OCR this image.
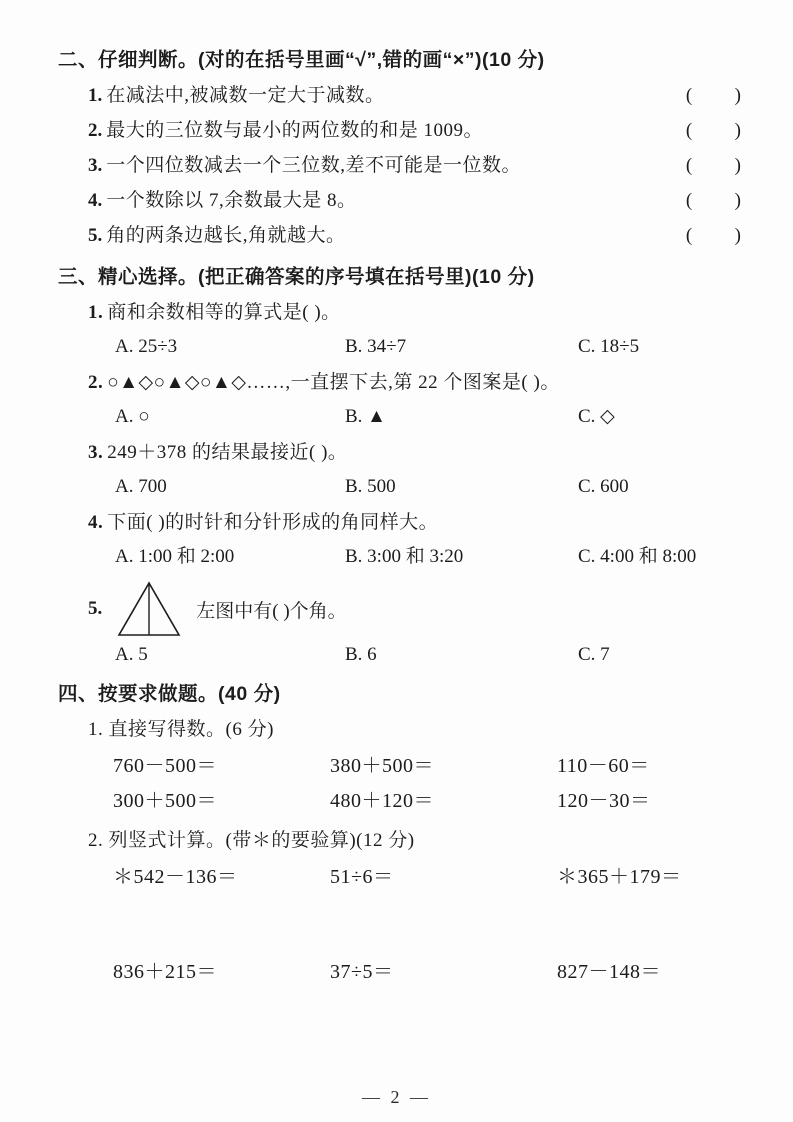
二、仔细判断。(对的在括号里画“√”,错的画“×”)(10 分)
1. 在减法中,被减数一定大于减数。	(      )
2. 最大的三位数与最小的两位数的和是 1009。	(      )
3. 一个四位数减去一个三位数,差不可能是一位数。	(      )
4. 一个数除以 7,余数最大是 8。	(      )
5. 角的两条边越长,角就越大。	(      )
三、精心选择。(把正确答案的序号填在括号里)(10 分)
1. 商和余数相等的算式是( )。
A. 25÷3	B. 34÷7	C. 18÷5
2. ○▲◇○▲◇○▲◇……,一直摆下去,第 22 个图案是( )。
A. ○	B. ▲	C. ◇
3. 249＋378 的结果最接近( )。
A. 700	B. 500	C. 600
4. 下面( )的时针和分针形成的角同样大。
A. 1:00 和 2:00	B. 3:00 和 3:20	C. 4:00 和 8:00
5.	左图中有( )个角。
A. 5	B. 6	C. 7
四、按要求做题。(40 分)
1. 直接写得数。(6 分)
760－500＝	380＋500＝	110－60＝
300＋500＝	480＋120＝	120－30＝
2. 列竖式计算。(带＊的要验算)(12 分)
＊542－136＝	51÷6＝	＊365＋179＝
836＋215＝	37÷5＝	827－148＝
— 2 —
